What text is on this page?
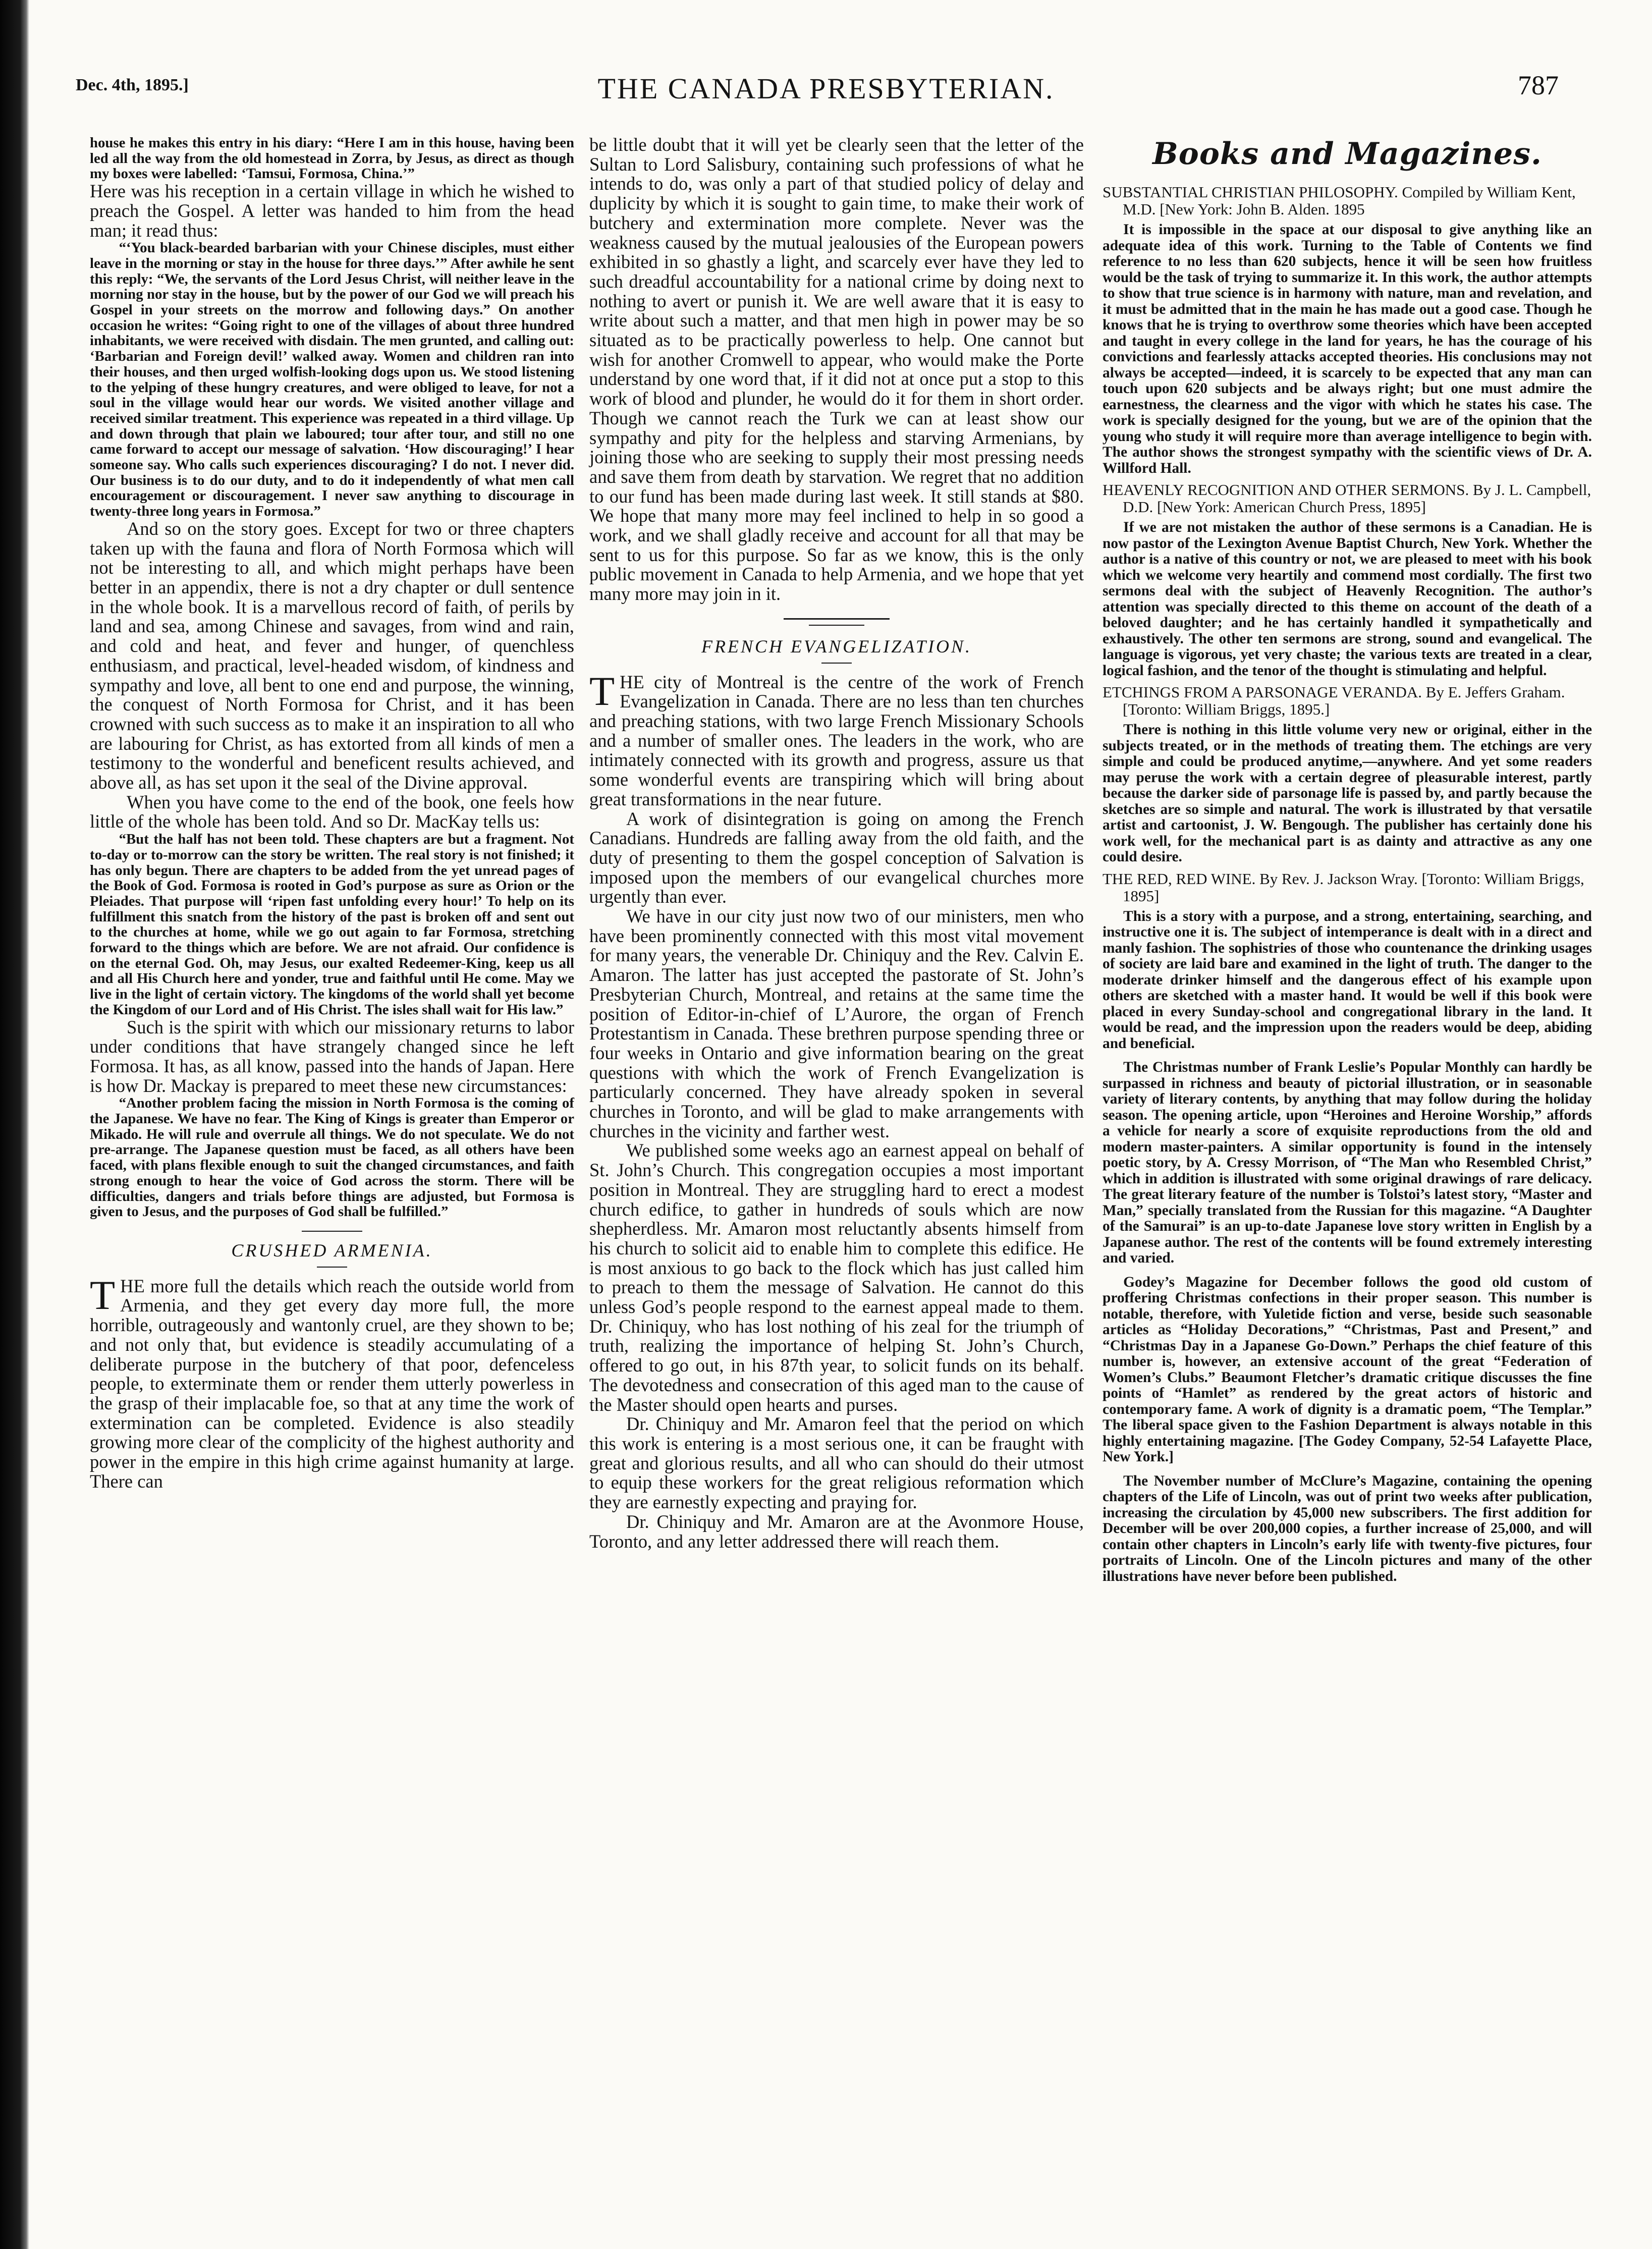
Dec. 4th, 1895.]	THE CANADA PRESBYTERIAN.	787

house he makes this entry in his diary: “Here I am in this house, having been led all the way from the old homestead in Zorra, by Jesus, as direct as though my boxes were labelled: ‘Tamsui, Formosa, China.’”

Here was his reception in a certain village in which he wished to preach the Gospel. A letter was handed to him from the head man; it read thus:

“‘You black-bearded barbarian with your Chinese disciples, must either leave in the morning or stay in the house for three days.’” After awhile he sent this reply: “We, the servants of the Lord Jesus Christ, will neither leave in the morning nor stay in the house, but by the power of our God we will preach his Gospel in your streets on the morrow and following days.” On another occasion he writes: “Going right to one of the villages of about three hundred inhabitants, we were received with disdain. The men grunted, and calling out: ‘Barbarian and Foreign devil!’ walked away. Women and children ran into their houses, and then urged wolfish-looking dogs upon us. We stood listening to the yelping of these hungry creatures, and were obliged to leave, for not a soul in the village would hear our words. We visited another village and received similar treatment. This experience was repeated in a third village. Up and down through that plain we laboured; tour after tour, and still no one came forward to accept our message of salvation. ‘How discouraging!’ I hear someone say. Who calls such experiences discouraging? I do not. I never did. Our business is to do our duty, and to do it independently of what men call encouragement or discouragement. I never saw anything to discourage in twenty-three long years in Formosa.”

And so on the story goes. Except for two or three chapters taken up with the fauna and flora of North Formosa which will not be interesting to all, and which might perhaps have been better in an appendix, there is not a dry chapter or dull sentence in the whole book. It is a marvellous record of faith, of perils by land and sea, among Chinese and savages, from wind and rain, and cold and heat, and fever and hunger, of quenchless enthusiasm, and practical, level-headed wisdom, of kindness and sympathy and love, all bent to one end and purpose, the winning, the conquest of North Formosa for Christ, and it has been crowned with such success as to make it an inspiration to all who are labouring for Christ, as has extorted from all kinds of men a testimony to the wonderful and beneficent results achieved, and above all, as has set upon it the seal of the Divine approval.

When you have come to the end of the book, one feels how little of the whole has been told. And so Dr. MacKay tells us:

“But the half has not been told. These chapters are but a fragment. Not to-day or to-morrow can the story be written. The real story is not finished; it has only begun. There are chapters to be added from the yet unread pages of the Book of God. Formosa is rooted in God’s purpose as sure as Orion or the Pleiades. That purpose will ‘ripen fast unfolding every hour!’ To help on its fulfillment this snatch from the history of the past is broken off and sent out to the churches at home, while we go out again to far Formosa, stretching forward to the things which are before. We are not afraid. Our confidence is on the eternal God. Oh, may Jesus, our exalted Redeemer-King, keep us all and all His Church here and yonder, true and faithful until He come. May we live in the light of certain victory. The kingdoms of the world shall yet become the Kingdom of our Lord and of His Christ. The isles shall wait for His law.”

Such is the spirit with which our missionary returns to labor under conditions that have strangely changed since he left Formosa. It has, as all know, passed into the hands of Japan. Here is how Dr. Mackay is prepared to meet these new circumstances:

“Another problem facing the mission in North Formosa is the coming of the Japanese. We have no fear. The King of Kings is greater than Emperor or Mikado. He will rule and overrule all things. We do not speculate. We do not pre-arrange. The Japanese question must be faced, as all others have been faced, with plans flexible enough to suit the changed circumstances, and faith strong enough to hear the voice of God across the storm. There will be difficulties, dangers and trials before things are adjusted, but Formosa is given to Jesus, and the purposes of God shall be fulfilled.”

CRUSHED ARMENIA.

THE more full the details which reach the outside world from Armenia, and they get every day more full, the more horrible, outrageously and wantonly cruel, are they shown to be; and not only that, but evidence is steadily accumulating of a deliberate purpose in the butchery of that poor, defenceless people, to exterminate them or render them utterly powerless in the grasp of their implacable foe, so that at any time the work of extermination can be completed. Evidence is also steadily growing more clear of the complicity of the highest authority and power in the empire in this high crime against humanity at large. There can

be little doubt that it will yet be clearly seen that the letter of the Sultan to Lord Salisbury, containing such professions of what he intends to do, was only a part of that studied policy of delay and duplicity by which it is sought to gain time, to make their work of butchery and extermination more complete. Never was the weakness caused by the mutual jealousies of the European powers exhibited in so ghastly a light, and scarcely ever have they led to such dreadful accountability for a national crime by doing next to nothing to avert or punish it. We are well aware that it is easy to write about such a matter, and that men high in power may be so situated as to be practically powerless to help. One cannot but wish for another Cromwell to appear, who would make the Porte understand by one word that, if it did not at once put a stop to this work of blood and plunder, he would do it for them in short order. Though we cannot reach the Turk we can at least show our sympathy and pity for the helpless and starving Armenians, by joining those who are seeking to supply their most pressing needs and save them from death by starvation. We regret that no addition to our fund has been made during last week. It still stands at $80. We hope that many more may feel inclined to help in so good a work, and we shall gladly receive and account for all that may be sent to us for this purpose. So far as we know, this is the only public movement in Canada to help Armenia, and we hope that yet many more may join in it.

FRENCH EVANGELIZATION.

THE city of Montreal is the centre of the work of French Evangelization in Canada. There are no less than ten churches and preaching stations, with two large French Missionary Schools and a number of smaller ones. The leaders in the work, who are intimately connected with its growth and progress, assure us that some wonderful events are transpiring which will bring about great transformations in the near future.

A work of disintegration is going on among the French Canadians. Hundreds are falling away from the old faith, and the duty of presenting to them the gospel conception of Salvation is imposed upon the members of our evangelical churches more urgently than ever.

We have in our city just now two of our ministers, men who have been prominently connected with this most vital movement for many years, the venerable Dr. Chiniquy and the Rev. Calvin E. Amaron. The latter has just accepted the pastorate of St. John’s Presbyterian Church, Montreal, and retains at the same time the position of Editor-in-chief of L’Aurore, the organ of French Protestantism in Canada. These brethren purpose spending three or four weeks in Ontario and give information bearing on the great questions with which the work of French Evangelization is particularly concerned. They have already spoken in several churches in Toronto, and will be glad to make arrangements with churches in the vicinity and farther west.

We published some weeks ago an earnest appeal on behalf of St. John’s Church. This congregation occupies a most important position in Montreal. They are struggling hard to erect a modest church edifice, to gather in hundreds of souls which are now shepherdless. Mr. Amaron most reluctantly absents himself from his church to solicit aid to enable him to complete this edifice. He is most anxious to go back to the flock which has just called him to preach to them the message of Salvation. He cannot do this unless God’s people respond to the earnest appeal made to them. Dr. Chiniquy, who has lost nothing of his zeal for the triumph of truth, realizing the importance of helping St. John’s Church, offered to go out, in his 87th year, to solicit funds on its behalf. The devotedness and consecration of this aged man to the cause of the Master should open hearts and purses.

Dr. Chiniquy and Mr. Amaron feel that the period on which this work is entering is a most serious one, it can be fraught with great and glorious results, and all who can should do their utmost to equip these workers for the great religious reformation which they are earnestly expecting and praying for.

Dr. Chiniquy and Mr. Amaron are at the Avonmore House, Toronto, and any letter addressed there will reach them.

Books and Magazines.
SUBSTANTIAL CHRISTIAN PHILOSOPHY. Compiled by William Kent, M.D. [New York: John B. Alden. 1895

It is impossible in the space at our disposal to give anything like an adequate idea of this work. Turning to the Table of Contents we find reference to no less than 620 subjects, hence it will be seen how fruitless would be the task of trying to summarize it. In this work, the author attempts to show that true science is in harmony with nature, man and revelation, and it must be admitted that in the main he has made out a good case. Though he knows that he is trying to overthrow some theories which have been accepted and taught in every college in the land for years, he has the courage of his convictions and fearlessly attacks accepted theories. His conclusions may not always be accepted—indeed, it is scarcely to be expected that any man can touch upon 620 subjects and be always right; but one must admire the earnestness, the clearness and the vigor with which he states his case. The work is specially designed for the young, but we are of the opinion that the young who study it will require more than average intelligence to begin with. The author shows the strongest sympathy with the scientific views of Dr. A. Willford Hall.

HEAVENLY RECOGNITION AND OTHER SERMONS. By J. L. Campbell, D.D. [New York: American Church Press, 1895]

If we are not mistaken the author of these sermons is a Canadian. He is now pastor of the Lexington Avenue Baptist Church, New York. Whether the author is a native of this country or not, we are pleased to meet with his book which we welcome very heartily and commend most cordially. The first two sermons deal with the subject of Heavenly Recognition. The author’s attention was specially directed to this theme on account of the death of a beloved daughter; and he has certainly handled it sympathetically and exhaustively. The other ten sermons are strong, sound and evangelical. The language is vigorous, yet very chaste; the various texts are treated in a clear, logical fashion, and the tenor of the thought is stimulating and helpful.

ETCHINGS FROM A PARSONAGE VERANDA. By E. Jeffers Graham. [Toronto: William Briggs, 1895.]

There is nothing in this little volume very new or original, either in the subjects treated, or in the methods of treating them. The etchings are very simple and could be produced anytime,—anywhere. And yet some readers may peruse the work with a certain degree of pleasurable interest, partly because the darker side of parsonage life is passed by, and partly because the sketches are so simple and natural. The work is illustrated by that versatile artist and cartoonist, J. W. Bengough. The publisher has certainly done his work well, for the mechanical part is as dainty and attractive as any one could desire.

THE RED, RED WINE. By Rev. J. Jackson Wray. [Toronto: William Briggs, 1895]

This is a story with a purpose, and a strong, entertaining, searching, and instructive one it is. The subject of intemperance is dealt with in a direct and manly fashion. The sophistries of those who countenance the drinking usages of society are laid bare and examined in the light of truth. The danger to the moderate drinker himself and the dangerous effect of his example upon others are sketched with a master hand. It would be well if this book were placed in every Sunday-school and congregational library in the land. It would be read, and the impression upon the readers would be deep, abiding and beneficial.

The Christmas number of Frank Leslie’s Popular Monthly can hardly be surpassed in richness and beauty of pictorial illustration, or in seasonable variety of literary contents, by anything that may follow during the holiday season. The opening article, upon “Heroines and Heroine Worship,” affords a vehicle for nearly a score of exquisite reproductions from the old and modern master-painters. A similar opportunity is found in the intensely poetic story, by A. Cressy Morrison, of “The Man who Resembled Christ,” which in addition is illustrated with some original drawings of rare delicacy. The great literary feature of the number is Tolstoi’s latest story, “Master and Man,” specially translated from the Russian for this magazine. “A Daughter of the Samurai” is an up-to-date Japanese love story written in English by a Japanese author. The rest of the contents will be found extremely interesting and varied.

Godey’s Magazine for December follows the good old custom of proffering Christmas confections in their proper season. This number is notable, therefore, with Yuletide fiction and verse, beside such seasonable articles as “Holiday Decorations,” “Christmas, Past and Present,” and “Christmas Day in a Japanese Go-Down.” Perhaps the chief feature of this number is, however, an extensive account of the great “Federation of Women’s Clubs.” Beaumont Fletcher’s dramatic critique discusses the fine points of “Hamlet” as rendered by the great actors of historic and contemporary fame. A work of dignity is a dramatic poem, “The Templar.” The liberal space given to the Fashion Department is always notable in this highly entertaining magazine. [The Godey Company, 52-54 Lafayette Place, New York.]

The November number of McClure’s Magazine, containing the opening chapters of the Life of Lincoln, was out of print two weeks after publication, increasing the circulation by 45,000 new subscribers. The first addition for December will be over 200,000 copies, a further increase of 25,000, and will contain other chapters in Lincoln’s early life with twenty-five pictures, four portraits of Lincoln. One of the Lincoln pictures and many of the other illustrations have never before been published.
